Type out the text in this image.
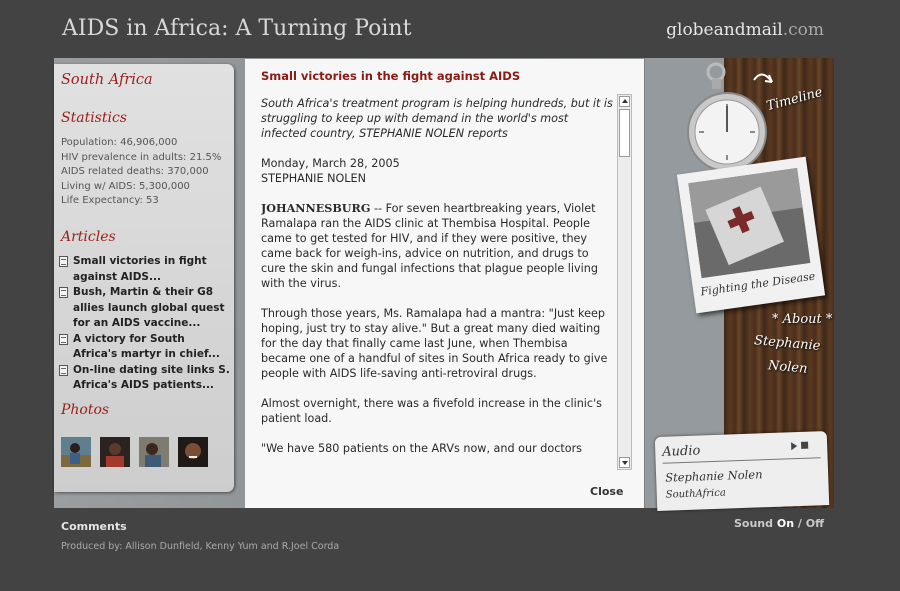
AIDS in Africa: A Turning Point	globeandmail.com
South Africa
Statistics
Population: 46,906,000
HIV prevalence in adults: 21.5%
AIDS related deaths: 370,000
Living w/ AIDS: 5,300,000
Life Expectancy: 53
Articles
Small victories in fight
against AIDS...
Bush, Martin & their G8
allies launch global quest
for an AIDS vaccine...
A victory for South
Africa's martyr in chief...
On-line dating site links S.
Africa's AIDS patients...
Photos
Small victories in the fight against AIDS

South Africa's treatment program is helping hundreds, but it is struggling to keep up with demand in the world's most infected country, STEPHANIE NOLEN reports

Monday, March 28, 2005
STEPHANIE NOLEN

JOHANNESBURG -- For seven heartbreaking years, Violet Ramalapa ran the AIDS clinic at Thembisa Hospital. People came to get tested for HIV, and if they were positive, they came back for weigh-ins, advice on nutrition, and drugs to cure the skin and fungal infections that plague people living with the virus.

Through those years, Ms. Ramalapa had a mantra: "Just keep hoping, just try to stay alive." But a great many died waiting for the day that finally came last June, when Thembisa became one of a handful of sites in South Africa ready to give people with AIDS life-saving anti-retroviral drugs.

Almost overnight, there was a fivefold increase in the clinic's patient load.

"We have 580 patients on the ARVs now, and our doctors

Close
Timeline
Fighting the Disease
* About *
Stephanie
Nolen
Audio
Stephanie Nolen
SouthAfrica
Comments
Produced by: Allison Dunfield, Kenny Yum and R.Joel Corda
Sound On / Off
